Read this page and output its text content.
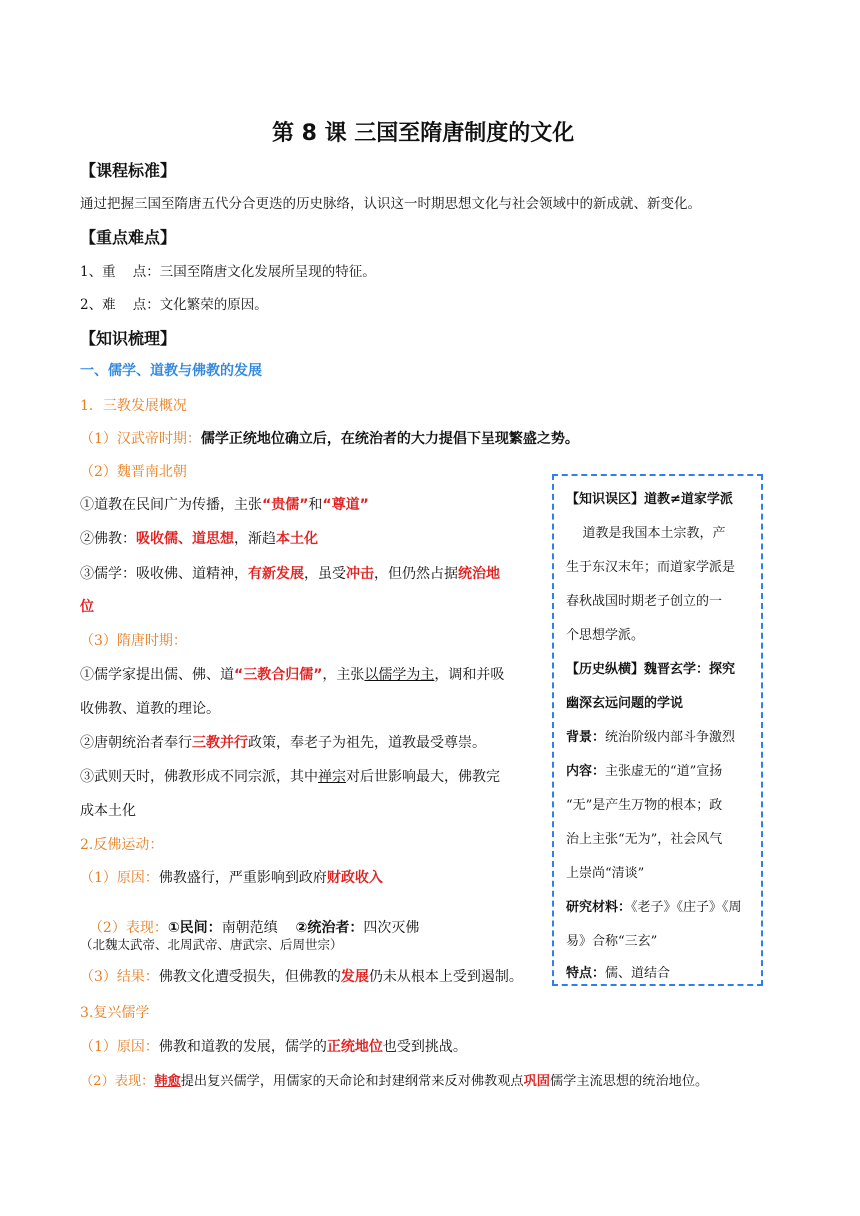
第 8 课 三国至隋唐制度的文化
【课程标准】
通过把握三国至隋唐五代分合更迭的历史脉络，认识这一时期思想文化与社会领域中的新成就、新变化。
【重点难点】
1、重    点：三国至隋唐文化发展所呈现的特征。
2、难    点：文化繁荣的原因。
【知识梳理】
一、儒学、道教与佛教的发展
1．三教发展概况
（1）汉武帝时期：儒学正统地位确立后，在统治者的大力提倡下呈现繁盛之势。
（2）魏晋南北朝
①道教在民间广为传播，主张“贵儒”和“尊道”
②佛教：吸收儒、道思想，渐趋本土化
③儒学：吸收佛、道精神，有新发展，虽受冲击，但仍然占据统治地
位
（3）隋唐时期：
①儒学家提出儒、佛、道“三教合归儒”，主张以儒学为主，调和并吸
收佛教、道教的理论。
②唐朝统治者奉行三教并行政策，奉老子为祖先，道教最受尊崇。
③武则天时，佛教形成不同宗派，其中禅宗对后世影响最大，佛教完
成本土化
2.反佛运动：
（1）原因：佛教盛行，严重影响到政府财政收入

（2）表现：①民间：南朝范缜    ②统治者：四次灭佛

（北魏太武帝、北周武帝、唐武宗、后周世宗）
（3）结果：佛教文化遭受损失，但佛教的发展仍未从根本上受到遏制。
3.复兴儒学
（1）原因：佛教和道教的发展，儒学的正统地位也受到挑战。
（2）表现：韩愈提出复兴儒学，用儒家的天命论和封建纲常来反对佛教观点巩固儒学主流思想的统治地位。
【知识误区】道教≠道家学派
道教是我国本土宗教，产
生于东汉末年；而道家学派是
春秋战国时期老子创立的一
个思想学派。
【历史纵横】魏晋玄学：探究
幽深玄远问题的学说
背景：统治阶级内部斗争激烈
内容：主张虚无的“道”宣扬
“无”是产生万物的根本；政
治上主张“无为”，社会风气
上崇尚“清谈”
研究材料：《老子》《庄子》《周
易》合称“三玄”
特点：儒、道结合
